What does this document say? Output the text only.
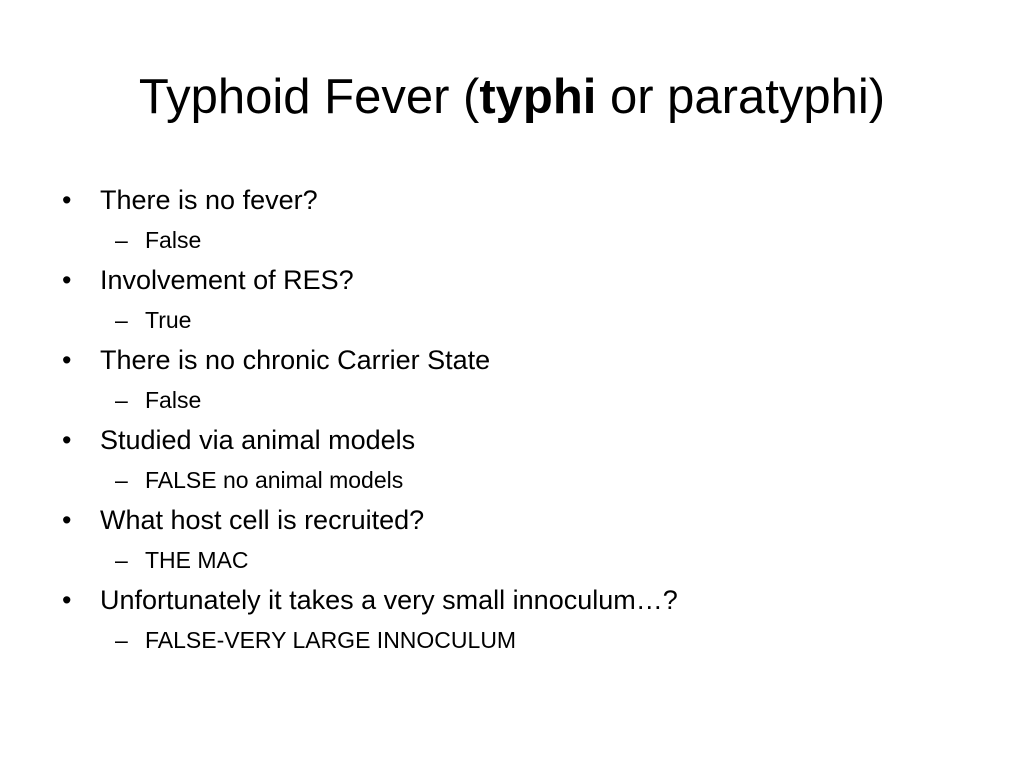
Typhoid Fever (typhi or paratyphi)
•	There is no fever?
– False
•	Involvement of RES?
– True
•	There is no chronic Carrier State
– False
•	Studied via animal models
– FALSE no animal models
•	What host cell is recruited?
– THE MAC
•	Unfortunately it takes a very small innoculum…?
– FALSE-VERY LARGE INNOCULUM
